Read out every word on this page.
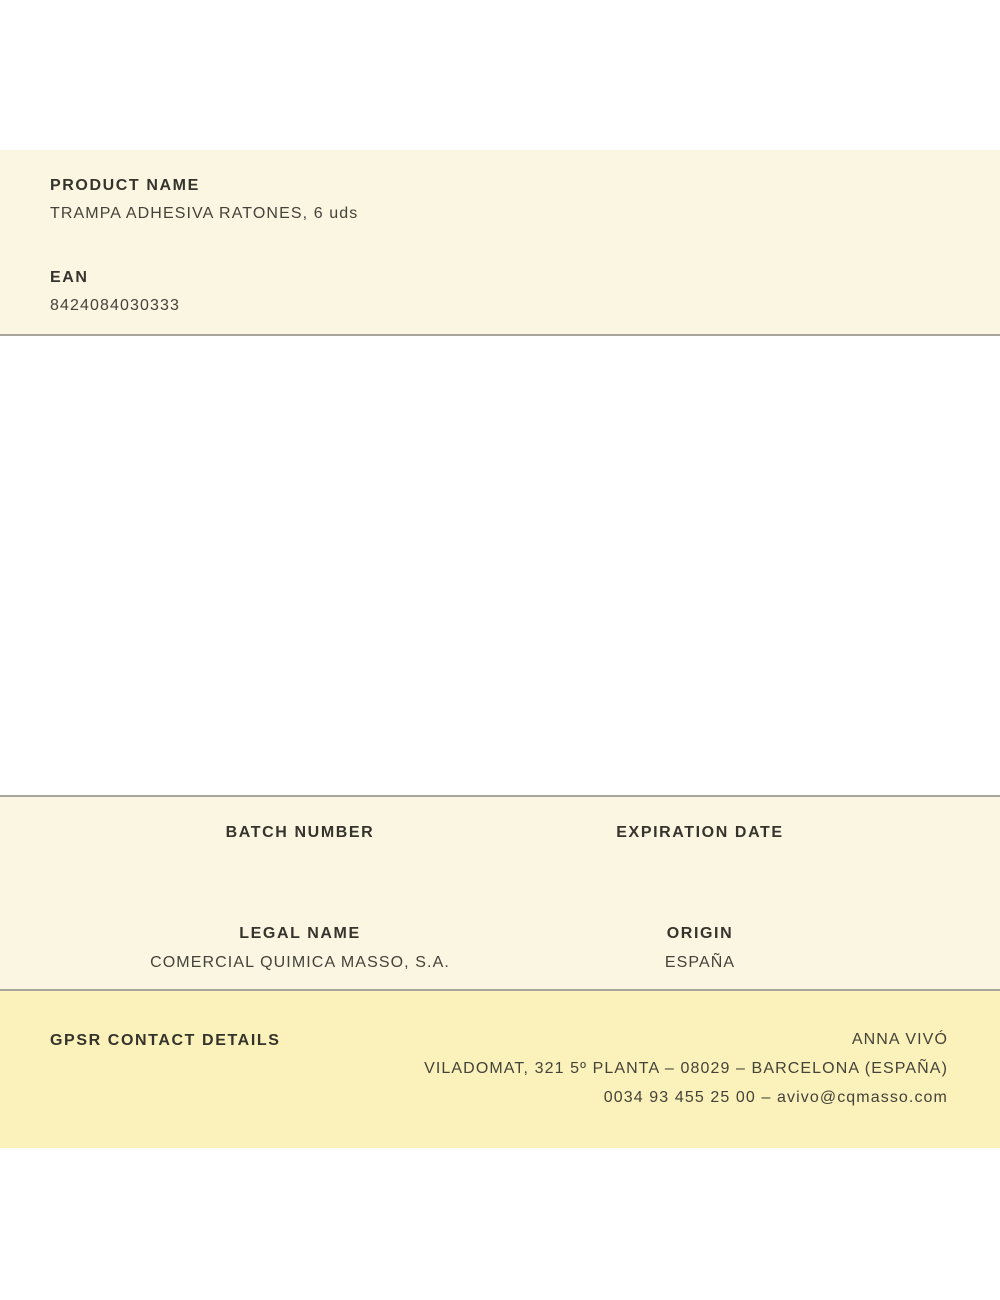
PRODUCT NAME
TRAMPA ADHESIVA RATONES, 6 uds
EAN
8424084030333
BATCH NUMBER	EXPIRATION DATE
LEGAL NAME
COMERCIAL QUIMICA MASSO, S.A.
ORIGIN
ESPAÑA
GPSR CONTACT DETAILS	ANNA VIVÓ
VILADOMAT, 321 5º PLANTA – 08029 – BARCELONA (ESPAÑA)
0034 93 455 25 00 – avivo@cqmasso.com
